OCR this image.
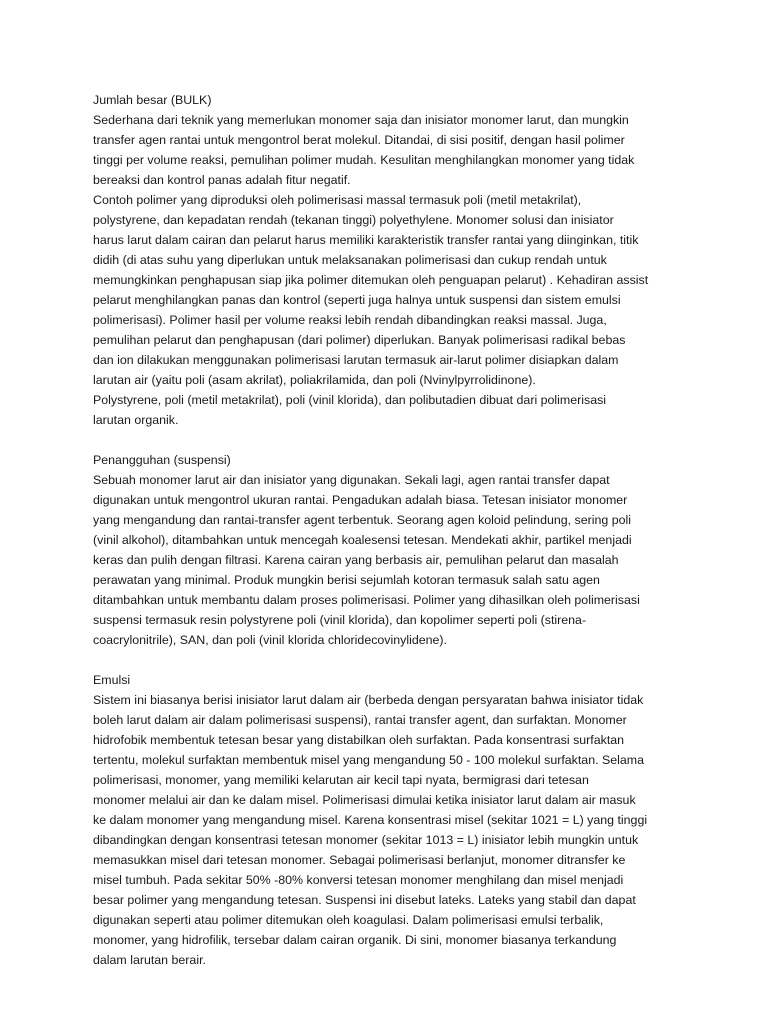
Jumlah besar (BULK)
Sederhana dari teknik yang memerlukan monomer saja dan inisiator monomer larut, dan mungkin
transfer agen rantai untuk mengontrol berat molekul. Ditandai, di sisi positif, dengan hasil polimer
tinggi per volume reaksi, pemulihan polimer mudah. Kesulitan menghilangkan monomer yang tidak
bereaksi dan kontrol panas adalah fitur negatif.
Contoh polimer yang diproduksi oleh polimerisasi massal termasuk poli (metil metakrilat),
polystyrene, dan kepadatan rendah (tekanan tinggi) polyethylene. Monomer solusi dan inisiator
harus larut dalam cairan dan pelarut harus memiliki karakteristik transfer rantai yang diinginkan, titik
didih (di atas suhu yang diperlukan untuk melaksanakan polimerisasi dan cukup rendah untuk
memungkinkan penghapusan siap jika polimer ditemukan oleh penguapan pelarut) . Kehadiran assist
pelarut menghilangkan panas dan kontrol (seperti juga halnya untuk suspensi dan sistem emulsi
polimerisasi). Polimer hasil per volume reaksi lebih rendah dibandingkan reaksi massal. Juga,
pemulihan pelarut dan penghapusan (dari polimer) diperlukan. Banyak polimerisasi radikal bebas
dan ion dilakukan menggunakan polimerisasi larutan termasuk air-larut polimer disiapkan dalam
larutan air (yaitu poli (asam akrilat), poliakrilamida, dan poli (Nvinylpyrrolidinone).
Polystyrene, poli (metil metakrilat), poli (vinil klorida), dan polibutadien dibuat dari polimerisasi
larutan organik.
Penangguhan (suspensi)
Sebuah monomer larut air dan inisiator yang digunakan. Sekali lagi, agen rantai transfer dapat
digunakan untuk mengontrol ukuran rantai. Pengadukan adalah biasa. Tetesan inisiator monomer
yang mengandung dan rantai-transfer agent terbentuk. Seorang agen koloid pelindung, sering poli
(vinil alkohol), ditambahkan untuk mencegah koalesensi tetesan. Mendekati akhir, partikel menjadi
keras dan pulih dengan filtrasi. Karena cairan yang berbasis air, pemulihan pelarut dan masalah
perawatan yang minimal. Produk mungkin berisi sejumlah kotoran termasuk salah satu agen
ditambahkan untuk membantu dalam proses polimerisasi. Polimer yang dihasilkan oleh polimerisasi
suspensi termasuk resin polystyrene poli (vinil klorida), dan kopolimer seperti poli (stirena-
coacrylonitrile), SAN, dan poli (vinil klorida chloridecovinylidene).
Emulsi
Sistem ini biasanya berisi inisiator larut dalam air (berbeda dengan persyaratan bahwa inisiator tidak
boleh larut dalam air dalam polimerisasi suspensi), rantai transfer agent, dan surfaktan. Monomer
hidrofobik membentuk tetesan besar yang distabilkan oleh surfaktan. Pada konsentrasi surfaktan
tertentu, molekul surfaktan membentuk misel yang mengandung 50 - 100 molekul surfaktan. Selama
polimerisasi, monomer, yang memiliki kelarutan air kecil tapi nyata, bermigrasi dari tetesan
monomer melalui air dan ke dalam misel. Polimerisasi dimulai ketika inisiator larut dalam air masuk
ke dalam monomer yang mengandung misel. Karena konsentrasi misel (sekitar 1021 = L) yang tinggi
dibandingkan dengan konsentrasi tetesan monomer (sekitar 1013 = L) inisiator lebih mungkin untuk
memasukkan misel dari tetesan monomer. Sebagai polimerisasi berlanjut, monomer ditransfer ke
misel tumbuh. Pada sekitar 50% -80% konversi tetesan monomer menghilang dan misel menjadi
besar polimer yang mengandung tetesan. Suspensi ini disebut lateks. Lateks yang stabil dan dapat
digunakan seperti atau polimer ditemukan oleh koagulasi. Dalam polimerisasi emulsi terbalik,
monomer, yang hidrofilik, tersebar dalam cairan organik. Di sini, monomer biasanya terkandung
dalam larutan berair.
